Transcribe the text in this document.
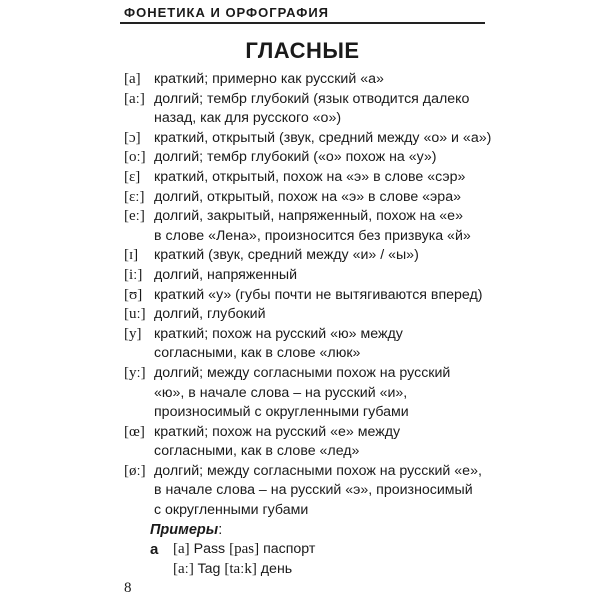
ФОНЕТИКА И ОРФОГРАФИЯ
ГЛАСНЫЕ
[a] краткий; примерно как русский «а»
[aː] долгий; тембр глубокий (язык отводится далеко
назад, как для русского «о»)
[ɔ] краткий, открытый (звук, средний между «о» и «а»)
[oː] долгий; тембр глубокий («о» похож на «у»)
[ɛ] краткий, открытый, похож на «э» в слове «сэр»
[ɛː] долгий, открытый, похож на «э» в слове «эра»
[eː] долгий, закрытый, напряженный, похож на «е»
в слове «Лена», произносится без призвука «й»
[ɪ] краткий (звук, средний между «и» / «ы»)
[iː] долгий, напряженный
[ʊ] краткий «у» (губы почти не вытягиваются вперед)
[uː] долгий, глубокий
[y] краткий; похож на русский «ю» между согласными, как в слове «люк»
[yː] долгий; между согласными похож на русский
«ю», в начале слова – на русский «и», произносимый с округленными губами
[œ] краткий; похож на русский «е» между согласными, как в слове «лед»
[øː] долгий; между согласными похож на русский «е»,
в начале слова – на русский «э», произносимый
с округленными губами
Примеры:
а [a] Pass [pas] паспорт
[aː] Tag [taːk] день
8
